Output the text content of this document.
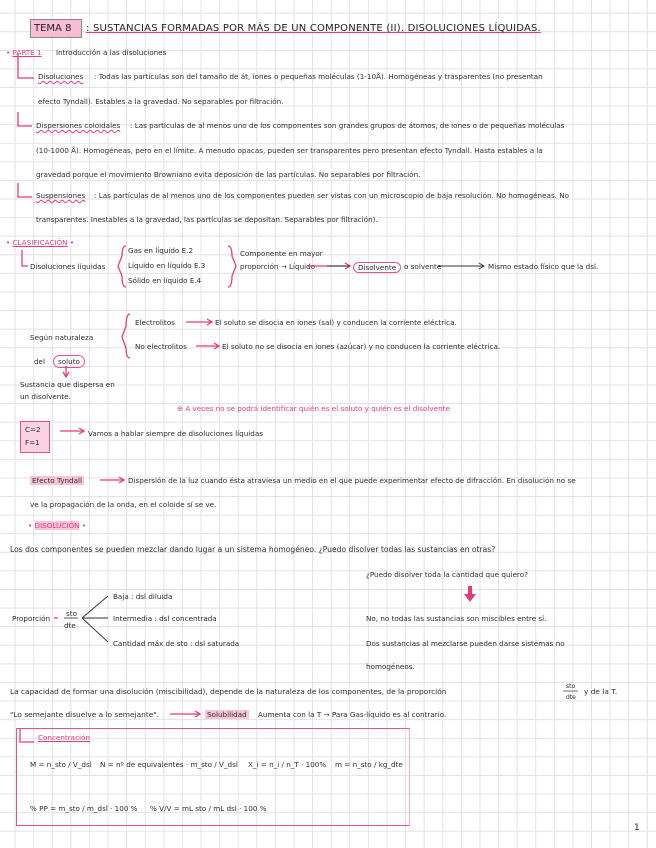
TEMA 8 : SUSTANCIAS FORMADAS POR MÁS DE UN COMPONENTE (II). DISOLUCIONES LÍQUIDAS.
• PARTE 1 Introducción a las disoluciones
Disoluciones : Todas las partículas son del tamaño de át, iones o pequeñas moléculas (1-10Å). Homogéneas y trasparentes (no presentan
efecto Tyndall). Estables a la gravedad. No separables por filtración.
Dispersiones coloidales : Las partículas de al menos uno de los componentes son grandes grupos de átomos, de iones o de pequeñas moléculas
(10-1000 Å). Homogéneas, pero en el límite. A menudo opacas, pueden ser transparentes pero presentan efecto Tyndall. Hasta estables a la
gravedad porque el movimiento Browniano evita deposición de las partículas. No separables por filtración.
Suspensiones : Las partículas de al menos uno de los componentes pueden ser vistas con un microscopio de baja resolución. No homogéneas. No
transparentes. Inestables a la gravedad, las partículas se depositan. Separables por filtración).
• CLASIFICACIÓN •
Disoluciones líquidas
Gas en líquido E.2
Líquido en líquido E.3
Sólido en líquido E.4
Componente en mayor
proporción → Líquido	Disolvente	o solvente	Mismo estado físico que la dsl.
Según naturaleza
del	soluto
Electrolitos	El soluto se disocia en iones (sal) y conducen la corriente eléctrica.
No electrolitos	El soluto no se disocia en iones (azúcar) y no conducen la corriente eléctrica.
Sustancia que dispersa en
un disolvente.
⊕ A veces no se podrá identificar quién es el soluto y quién es el disolvente
C=2
F=1
Vamos a hablar siempre de disoluciones líquidas
Efecto Tyndall	Dispersión de la luz cuando ésta atraviesa un medio en el que puede experimentar efecto de difracción. En disolución no se
ve la propagación de la onda, en el coloide sí se ve.
• DISOLUCIÓN •
Los dos componentes se pueden mezclar dando lugar a un sistema homogéneo. ¿Puedo disolver todas las sustancias en otras?
¿Puedo disolver toda la cantidad que quiero?
Proporción
sto
dte
Baja : dsl diluida
Intermedia : dsl concentrada
Cantidad máx de sto : dsl saturada
No, no todas las sustancias son miscibles entre sí.
Dos sustancias al mezclarse pueden darse sistemas no
homogéneos.
La capacidad de formar una disolución (miscibilidad), depende de la naturaleza de los componentes, de la proporción
sto
dte
y de la T.
"Lo semejante disuelve a lo semejante".	Solubilidad Aumenta con la T → Para Gas-líquido es al contrario.
Concentración
M = n_sto / V_dsl N = nº de equivalentes · m_sto / V_dsl X_i = n_i / n_T · 100% m = n_sto / kg_dte
% PP = m_sto / m_dsl · 100 % % V/V = mL sto / mL dsl · 100 %
1
